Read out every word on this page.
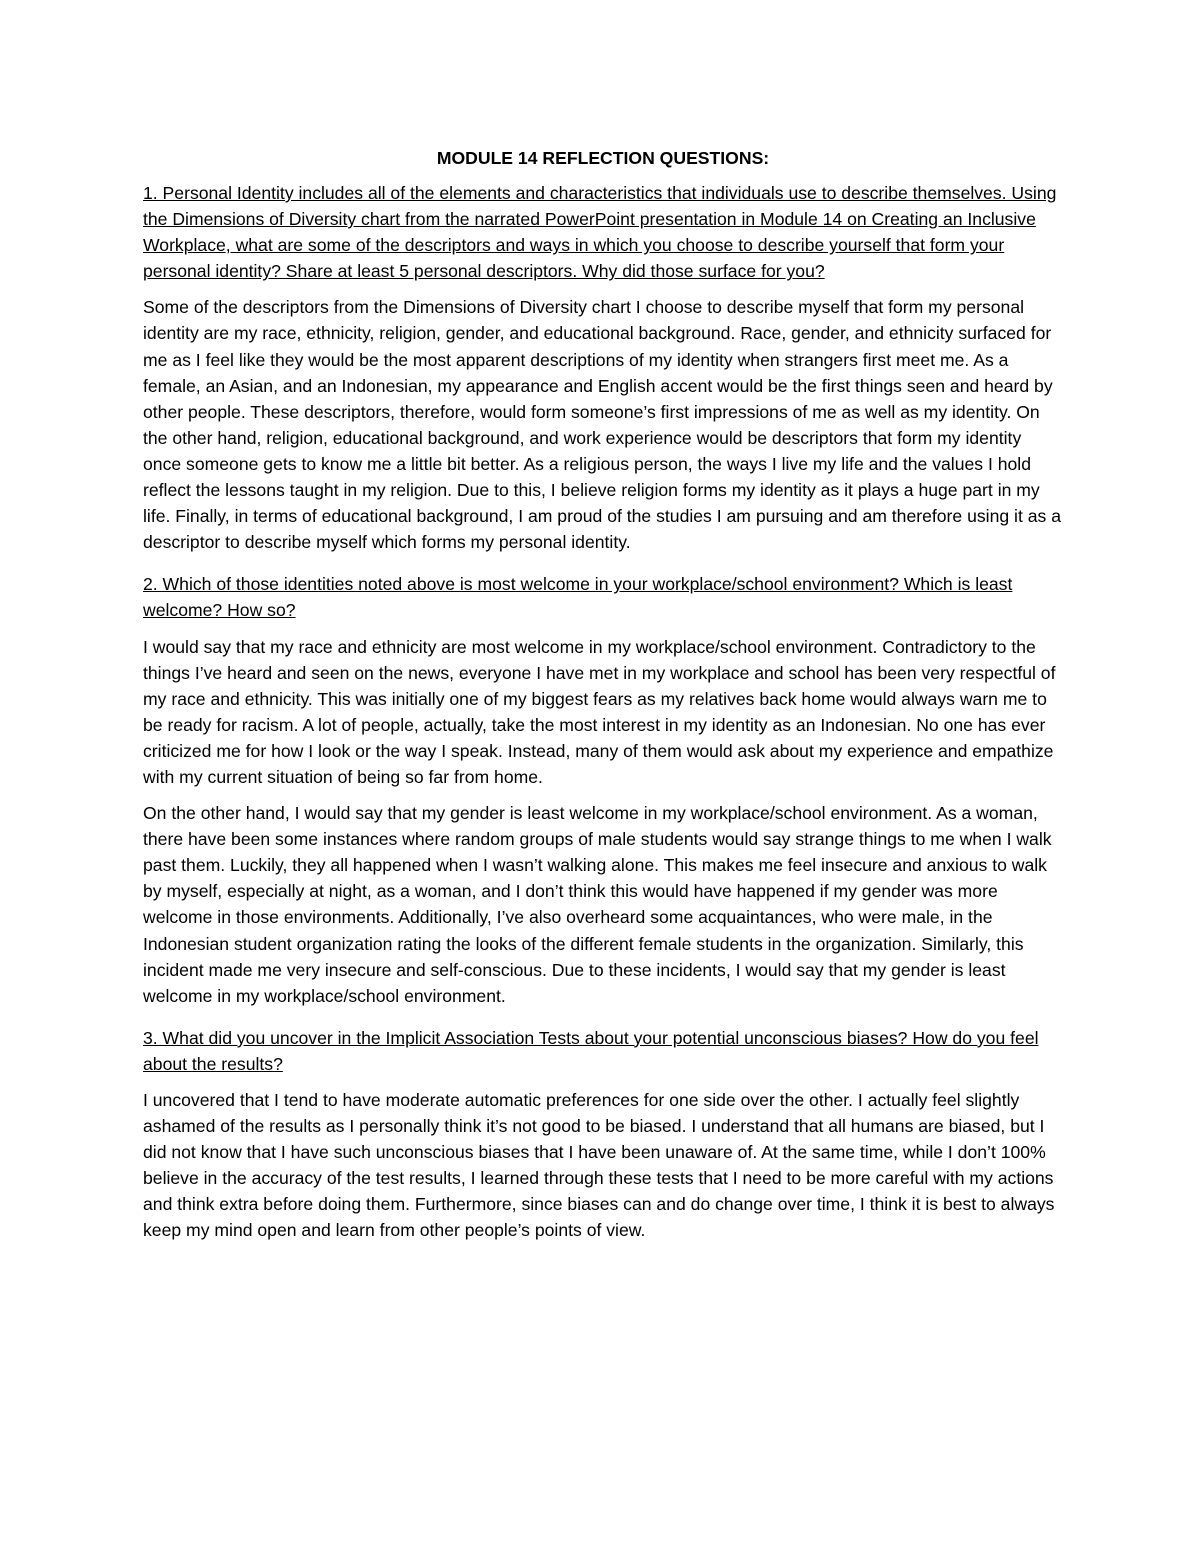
MODULE 14 REFLECTION QUESTIONS:
1. Personal Identity includes all of the elements and characteristics that individuals use to describe themselves. Using the Dimensions of Diversity chart from the narrated PowerPoint presentation in Module 14 on Creating an Inclusive Workplace, what are some of the descriptors and ways in which you choose to describe yourself that form your personal identity? Share at least 5 personal descriptors. Why did those surface for you?
Some of the descriptors from the Dimensions of Diversity chart I choose to describe myself that form my personal identity are my race, ethnicity, religion, gender, and educational background. Race, gender, and ethnicity surfaced for me as I feel like they would be the most apparent descriptions of my identity when strangers first meet me. As a female, an Asian, and an Indonesian, my appearance and English accent would be the first things seen and heard by other people. These descriptors, therefore, would form someone’s first impressions of me as well as my identity. On the other hand, religion, educational background, and work experience would be descriptors that form my identity once someone gets to know me a little bit better. As a religious person, the ways I live my life and the values I hold reflect the lessons taught in my religion. Due to this, I believe religion forms my identity as it plays a huge part in my life. Finally, in terms of educational background, I am proud of the studies I am pursuing and am therefore using it as a descriptor to describe myself which forms my personal identity.
2. Which of those identities noted above is most welcome in your workplace/school environment? Which is least welcome? How so?
I would say that my race and ethnicity are most welcome in my workplace/school environment. Contradictory to the things I’ve heard and seen on the news, everyone I have met in my workplace and school has been very respectful of my race and ethnicity. This was initially one of my biggest fears as my relatives back home would always warn me to be ready for racism. A lot of people, actually, take the most interest in my identity as an Indonesian. No one has ever criticized me for how I look or the way I speak. Instead, many of them would ask about my experience and empathize with my current situation of being so far from home.
On the other hand, I would say that my gender is least welcome in my workplace/school environment. As a woman, there have been some instances where random groups of male students would say strange things to me when I walk past them. Luckily, they all happened when I wasn’t walking alone. This makes me feel insecure and anxious to walk by myself, especially at night, as a woman, and I don’t think this would have happened if my gender was more welcome in those environments. Additionally, I’ve also overheard some acquaintances, who were male, in the Indonesian student organization rating the looks of the different female students in the organization. Similarly, this incident made me very insecure and self-conscious. Due to these incidents, I would say that my gender is least welcome in my workplace/school environment.
3. What did you uncover in the Implicit Association Tests about your potential unconscious biases? How do you feel about the results?
I uncovered that I tend to have moderate automatic preferences for one side over the other. I actually feel slightly ashamed of the results as I personally think it’s not good to be biased. I understand that all humans are biased, but I did not know that I have such unconscious biases that I have been unaware of. At the same time, while I don’t 100% believe in the accuracy of the test results, I learned through these tests that I need to be more careful with my actions and think extra before doing them. Furthermore, since biases can and do change over time, I think it is best to always keep my mind open and learn from other people’s points of view.
